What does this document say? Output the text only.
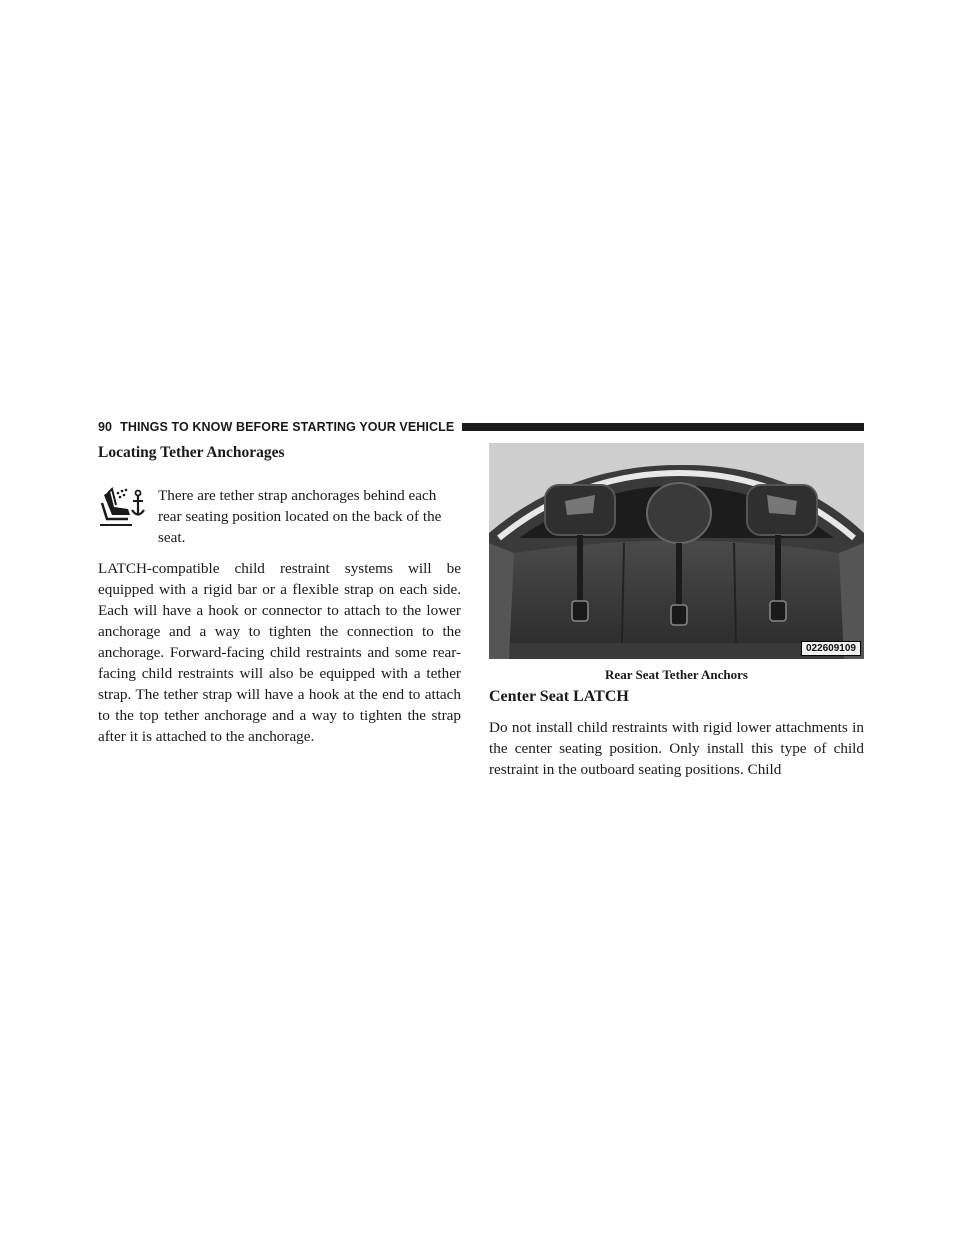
90 THINGS TO KNOW BEFORE STARTING YOUR VEHICLE
Locating Tether Anchorages
There are tether strap anchorages behind each rear seating position located on the back of the seat.

LATCH-compatible child restraint systems will be equipped with a rigid bar or a flexible strap on each side. Each will have a hook or connector to attach to the lower anchorage and a way to tighten the connection to the anchorage. Forward-facing child restraints and some rear-facing child restraints will also be equipped with a tether strap. The tether strap will have a hook at the end to attach to the top tether anchorage and a way to tighten the strap after it is attached to the anchorage.

022609109
Rear Seat Tether Anchors
Center Seat LATCH

Do not install child restraints with rigid lower attachments in the center seating position. Only install this type of child restraint in the outboard seating positions. Child
